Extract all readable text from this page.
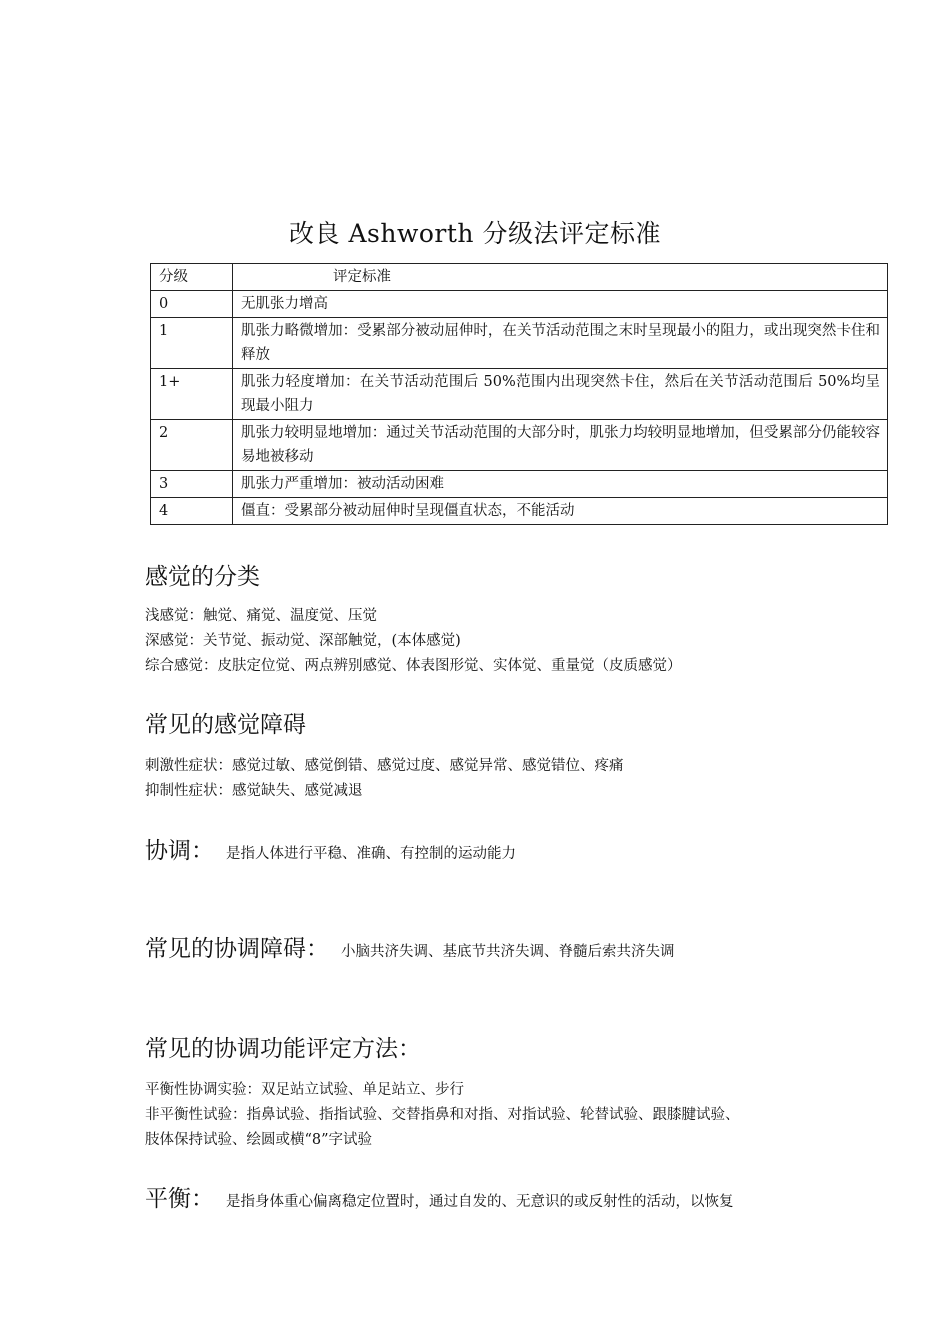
改良 Ashworth 分级法评定标准
分级	评定标准
0	无肌张力增高
1	肌张力略微增加：受累部分被动屈伸时，在关节活动范围之末时呈现最小的阻力，或出现突然卡住和释放
1+	肌张力轻度增加：在关节活动范围后 50%范围内出现突然卡住，然后在关节活动范围后 50%均呈现最小阻力
2	肌张力较明显地增加：通过关节活动范围的大部分时，肌张力均较明显地增加，但受累部分仍能较容易地被移动
3	肌张力严重增加：被动活动困难
4	僵直：受累部分被动屈伸时呈现僵直状态，不能活动
感觉的分类
浅感觉：触觉、痛觉、温度觉、压觉
深感觉：关节觉、振动觉、深部触觉，(本体感觉)
综合感觉：皮肤定位觉、两点辨别感觉、体表图形觉、实体觉、重量觉（皮质感觉）
常见的感觉障碍
刺激性症状：感觉过敏、感觉倒错、感觉过度、感觉异常、感觉错位、疼痛
抑制性症状：感觉缺失、感觉减退
协调： 是指人体进行平稳、准确、有控制的运动能力
常见的协调障碍： 小脑共济失调、基底节共济失调、脊髓后索共济失调
常见的协调功能评定方法：
平衡性协调实验：双足站立试验、单足站立、步行
非平衡性试验：指鼻试验、指指试验、交替指鼻和对指、对指试验、轮替试验、跟膝腱试验、
肢体保持试验、绘圆或横“8”字试验
平衡： 是指身体重心偏离稳定位置时，通过自发的、无意识的或反射性的活动，以恢复
